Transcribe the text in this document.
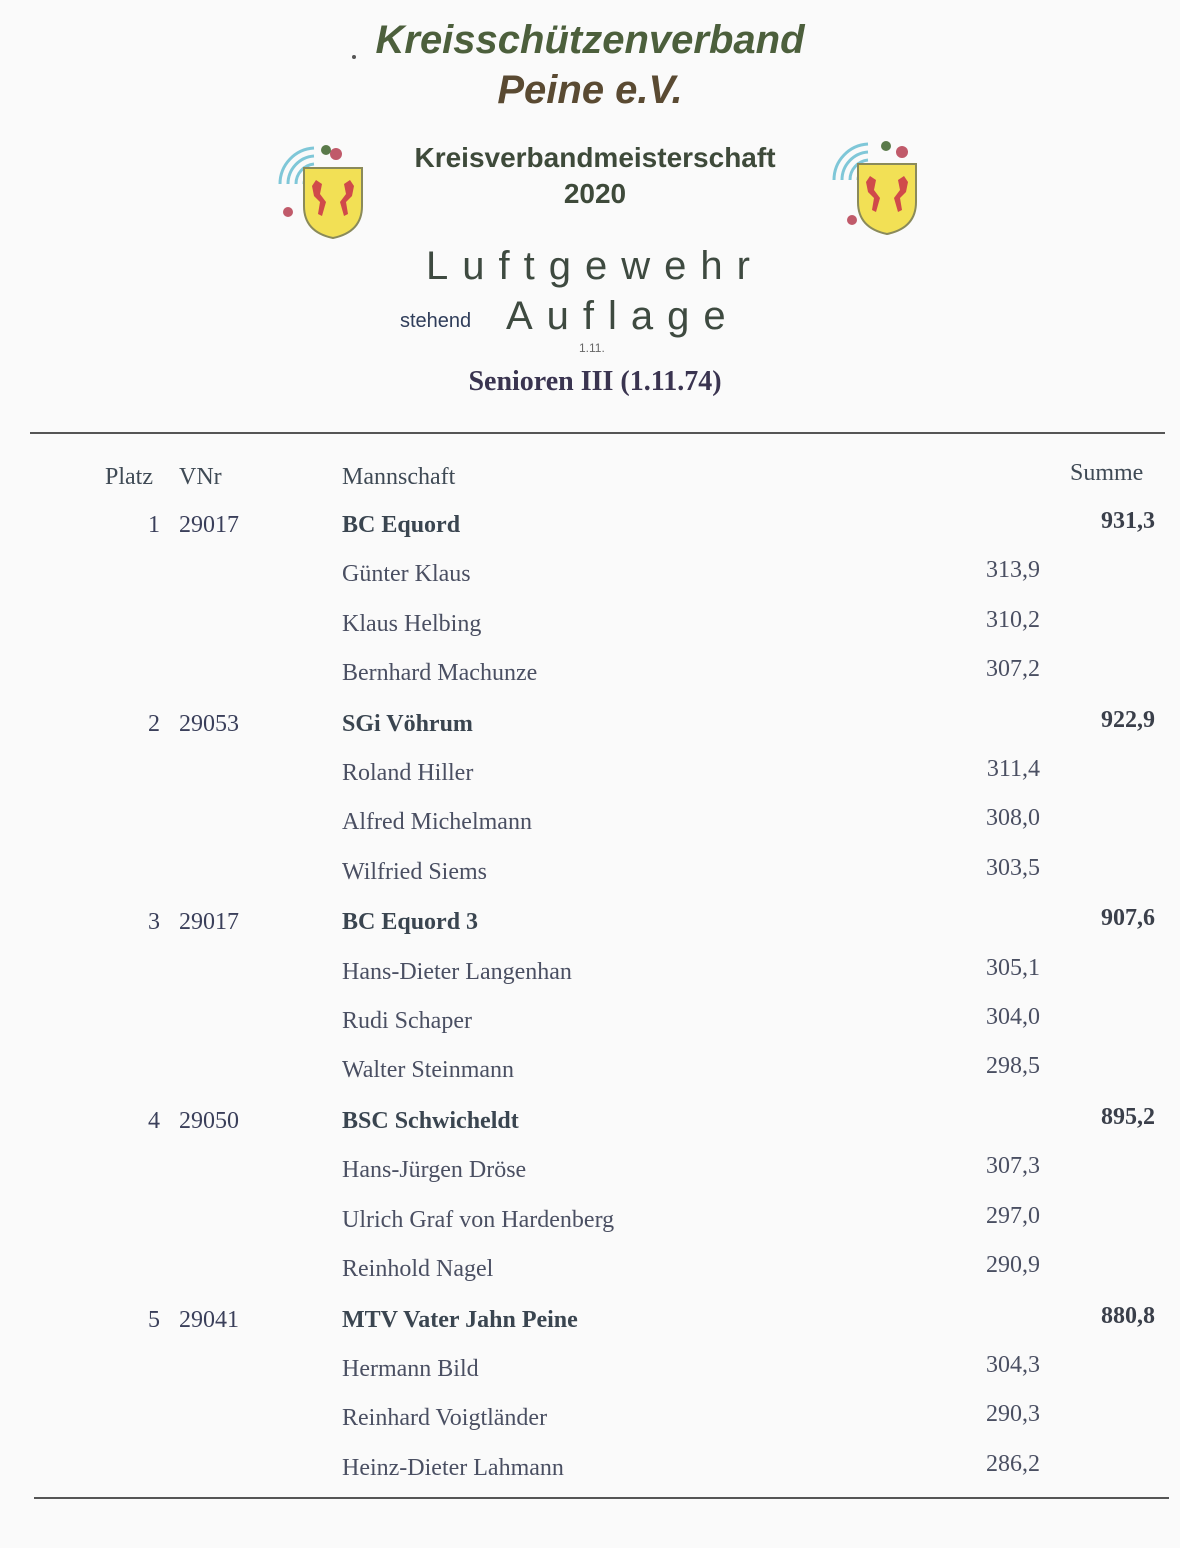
Kreisschützenverband
Peine e.V.
Kreisverbandmeisterschaft
2020
Luftgewehr
stehend Auflage
1.11.
Senioren III (1.11.74)
Platz VNr	Mannschaft	Summe
1 29017	BC Equord	931,3
Günter Klaus	313,9
Klaus Helbing	310,2
Bernhard Machunze	307,2
2 29053	SGi Vöhrum	922,9
Roland Hiller	311,4
Alfred Michelmann	308,0
Wilfried Siems	303,5
3 29017	BC Equord 3	907,6
Hans-Dieter Langenhan	305,1
Rudi Schaper	304,0
Walter Steinmann	298,5
4 29050	BSC Schwicheldt	895,2
Hans-Jürgen Dröse	307,3
Ulrich Graf von Hardenberg	297,0
Reinhold Nagel	290,9
5 29041	MTV Vater Jahn Peine	880,8
Hermann Bild	304,3
Reinhard Voigtländer	290,3
Heinz-Dieter Lahmann	286,2
